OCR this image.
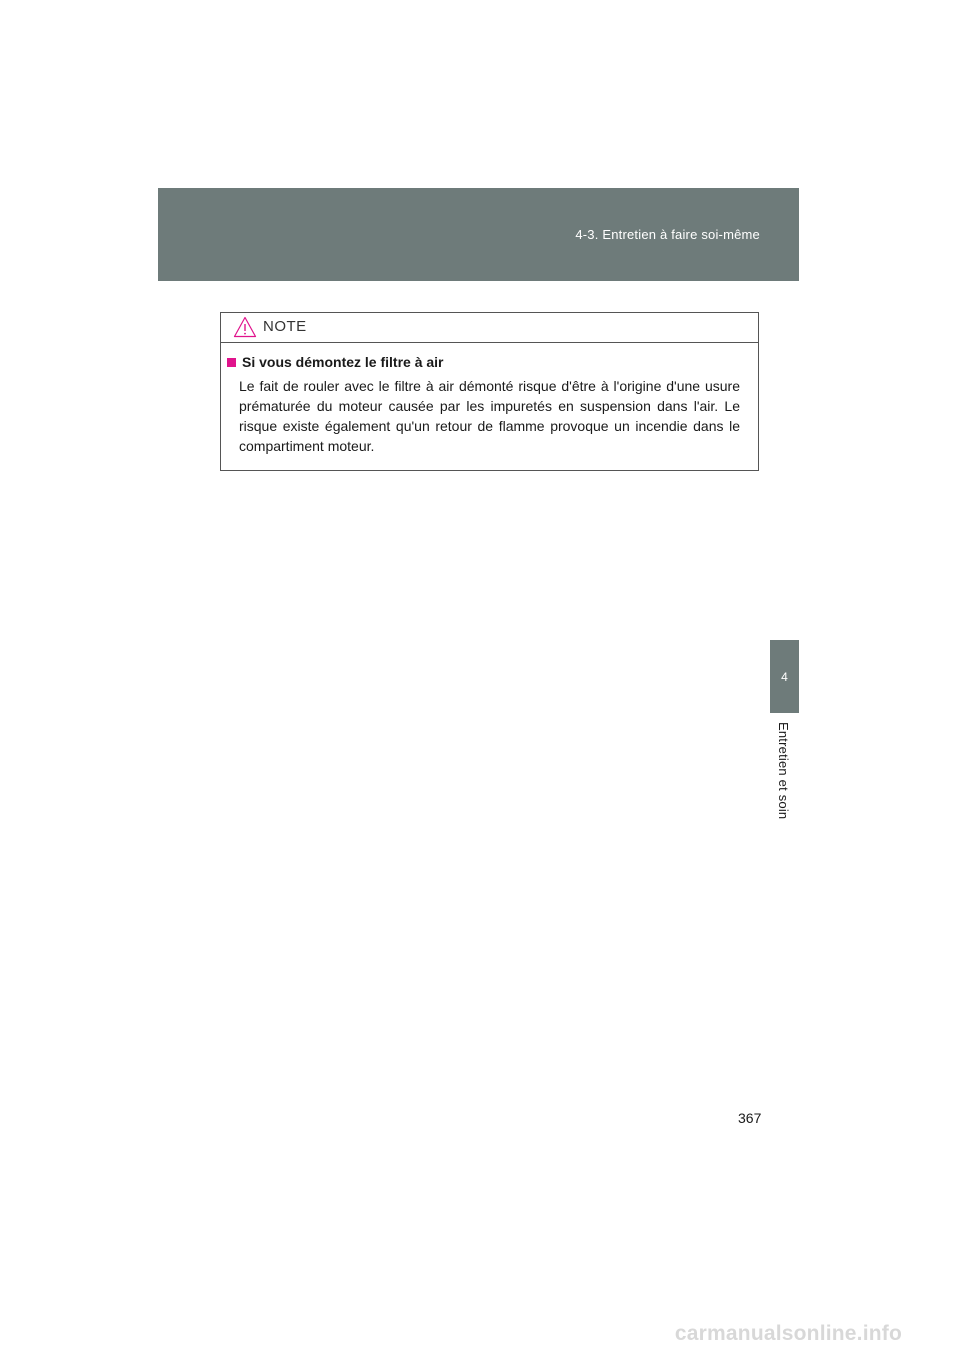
4-3. Entretien à faire soi-même
4
Entretien et soin
NOTE
Si vous démontez le filtre à air

Le fait de rouler avec le filtre à air démonté risque d'être à l'origine d'une usure prématurée du moteur causée par les impuretés en suspension dans l'air. Le risque existe également qu'un retour de flamme provoque un incendie dans le compartiment moteur.

367
carmanualsonline.info
